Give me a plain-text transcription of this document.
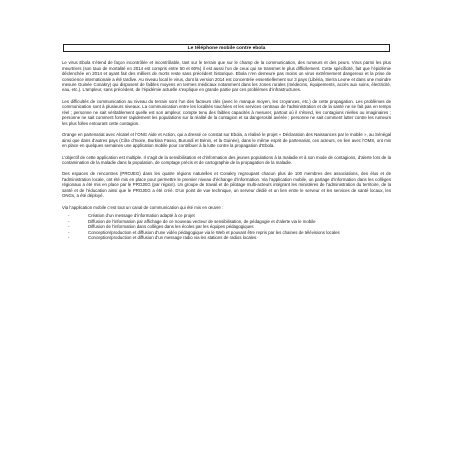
Le téléphone mobile contre ebola

Le virus Ebola s’étend de façon incontrôlée et incontrôlable, tant sur le terrain que sur le champ de la communication, des rumeurs et des peurs. Virus parmi les plus meurtriers (son taux de mortalité en 2014 est compris entre 50 et 60%) il est aussi l’un de ceux qui se transmet le plus difficilement. Cette spécificité, fait que l’épidémie déclenchée en 2014 et ayant fait des milliers de morts reste sans précédent historique. Ebola n’en demeure pas moins un virus extrêmement dangereux et la prise de conscience internationale a été tardive. Au niveau local le virus, dont la version 2014 est concentrée essentiellement sur 3 pays (Libéria, Sierra Leone et dans une moindre mesure Guinée Conakry) qui disposent de faibles moyens en termes médicaux notamment dans les zones rurales (médecins, équipements, accès aux soins, électricité, eau, etc.). L’ampleur, sans précédent, de l’épidémie actuelle s’explique en grande partie par ces problèmes d’infrastructures.

Les difficultés de communication au niveau du terrain sont l’un des facteurs clés (avec le manque moyen, les croyances, etc.) de cette propagation. Les problèmes de communication sont à plusieurs niveaux. La communication entre les localités touchées et les services centraux de l’administration et de la santé ne se fait pas en temps réel ; personne ne sait véritablement quelle est son ampleur, compte tenu des faibles capacités à mesurer, partout où il s’étend, les contagions réelles ou imaginaires ; personne ne sait comment former rapidement les populations sur la réalité de la contagion et sa dangerosité avérée ; personne ne sait comment lutter contre les rumeurs les plus folles entourant cette contagion.

Orange en partenariat avec Alcatel et l’ONG Aide et Action, qui a dressé ce constat sur Ebola, a réalisé le projet « Déclaration des Naissances par le mobile », au Sénégal ainsi que dans d’autres pays (Côte d’Ivoire, Burkina Fasso, Burundi et Bénin, et la Guinée), dans le même esprit de partenariat, ces acteurs, en lien avec l’OMS, ont mis en place en quelques semaines une application mobile pour contribuer à la lutte contre la propagation d’Ebola.

L’objectif de cette application est multiple. Il s’agit de la sensibilisation et d’information des jeunes populations à la maladie et à son mode de contagions, d’alerte lors de la contamination de la maladie dans la population, de comptage précis et de cartographie de la propagation de la maladie.

Des espaces de rencontres (PROJEG) dans les quatre régions naturelles et Conakry regroupant chacun plus de 100 membres des associations, des élus et de l’administration locale, ont été mis en place pour permettre le premier niveau d’échange d’information. Via l’application mobile, un partage d’information dans les collèges régionaux a été mis en place par le PROJEG (par région). Un groupe de travail et de pilotage multi-acteurs intégrant les ministères de l’administration du territoire, de la santé et de l’éducation ainsi que le PROJEG a été créé. D’un point de vue technique, un serveur dédié et un lien entre le serveur et les services de santé locaux, les ONGs, a été déployé.

Via l’application mobile c’est tout un canal de communication qui été mis en œuvre :

-	Création d’un message d’information adapté à ce projet
-	Diffusion de l’information par affichage de ce nouveau vecteur de sensibilisation, de pédagogie et d’alerte via le mobile
-	Diffusion de l’information dans collèges dans les écoles par les équipes pédagogiques
-	Conception/production et diffusion d’une vidéo pédagogique via le Web et pouvant être repris par les chaines de télévisions locales
-	Conception/production et diffusion d’un message radio via les stations de radios locales.
